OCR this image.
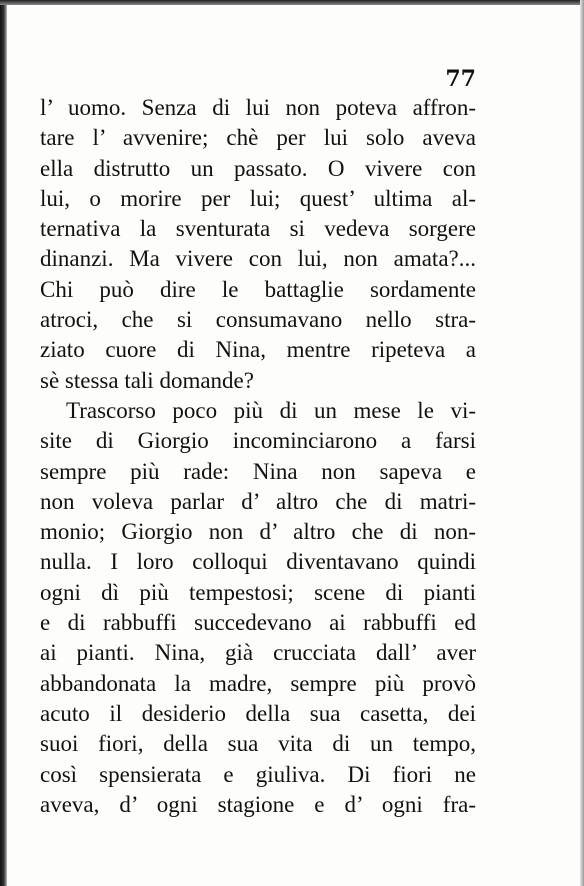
77
l’ uomo. Senza di lui non poteva affron-
tare l’ avvenire; chè per lui solo aveva
ella distrutto un passato. O vivere con
lui, o morire per lui; quest’ ultima al-
ternativa la sventurata si vedeva sorgere
dinanzi. Ma vivere con lui, non amata?...
Chi può dire le battaglie sordamente
atroci, che si consumavano nello stra-
ziato cuore di Nina, mentre ripeteva a
sè stessa tali domande?
Trascorso poco più di un mese le vi-
site di Giorgio incominciarono a farsi
sempre più rade: Nina non sapeva e
non voleva parlar d’ altro che di matri-
monio; Giorgio non d’ altro che di non-
nulla. I loro colloqui diventavano quindi
ogni dì più tempestosi; scene di pianti
e di rabbuffi succedevano ai rabbuffi ed
ai pianti. Nina, già crucciata dall’ aver
abbandonata la madre, sempre più provò
acuto il desiderio della sua casetta, dei
suoi fiori, della sua vita di un tempo,
così spensierata e giuliva. Di fiori ne
aveva, d’ ogni stagione e d’ ogni fra-
